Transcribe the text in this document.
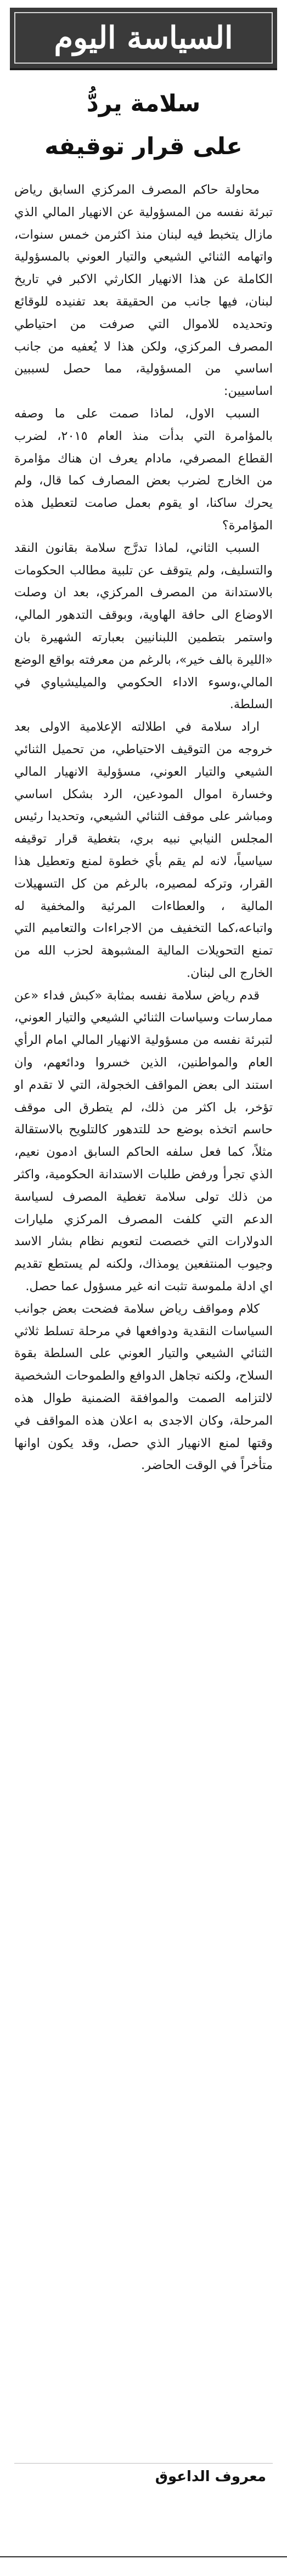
السياسة اليوم
سلامة يردُّ
على قرار توقيفه

محاولة حاكم المصرف المركزي السابق رياض تبرئة نفسه من المسؤولية عن الانهيار المالي الذي مازال يتخبط فيه لبنان منذ اكثرمن خمس سنوات، واتهامه الثنائي الشيعي والتيار العوني بالمسؤولية الكاملة عن هذا الانهيار الكارثي الاكبر في تاريخ لبنان، فيها جانب من الحقيقة بعد تفنيده للوقائع وتحديده للاموال التي صرفت من احتياطي المصرف المركزي، ولكن هذا لا يُعفيه من جانب اساسي من المسؤولية، مما حصل لسببين اساسيين:

السبب الاول، لماذا صمت على ما وصفه بالمؤامرة التي بدأت منذ العام ٢٠١٥، لضرب القطاع المصرفي، مادام يعرف ان هناك مؤامرة من الخارج لضرب بعض المصارف كما قال، ولم يحرك ساكنا، او يقوم بعمل صامت لتعطيل هذه المؤامرة؟

السبب الثاني، لماذا تدرَّج سلامة بقانون النقد والتسليف، ولم يتوقف عن تلبية مطالب الحكومات بالاستدانة من المصرف المركزي، بعد ان وصلت الاوضاع الى حافة الهاوية، وبوقف التدهور المالي، واستمر بتطمين اللبنانيين بعبارته الشهيرة بان «الليرة بالف خير»، بالرغم من معرفته بواقع الوضع المالي،وسوء الاداء الحكومي والميليشياوي في السلطة.

اراد سلامة في اطلالته الإعلامية الاولى بعد خروجه من التوقيف الاحتياطي، من تحميل الثنائي الشيعي والتيار العوني، مسؤولية الانهيار المالي وخسارة اموال المودعين، الرد بشكل اساسي ومباشر على موقف الثنائي الشيعي، وتحديدا رئيس المجلس النيابي نبيه بري، بتغطية قرار توقيفه سياسياً، لانه لم يقم بأي خطوة لمنع وتعطيل هذا القرار، وتركه لمصيره، بالرغم من كل التسهيلات المالية ، والعطاءات المرئية والمخفية له واتباعه،كما التخفيف من الاجراءات والتعاميم التي تمنع التحويلات المالية المشبوهة لحزب الله من الخارج الى لبنان.

قدم رياض سلامة نفسه بمثابة «كبش فداء «عن ممارسات وسياسات الثنائي الشيعي والتيار العوني، لتبرئة نفسه من مسؤولية الانهيار المالي امام الرأي العام والمواطنين، الذين خسروا ودائعهم، وان استند الى بعض المواقف الخجولة، التي لا تقدم او تؤخر، بل اكثر من ذلك، لم يتطرق الى موقف حاسم اتخذه بوضع حد للتدهور كالتلويح بالاستقالة مثلاً، كما فعل سلفه الحاكم السابق ادمون نعيم، الذي تجرأ ورفض طلبات الاستدانة الحكومية، واكثر من ذلك تولى سلامة تغطية المصرف لسياسة الدعم التي كلفت المصرف المركزي مليارات الدولارات التي خصصت لتعويم نظام بشار الاسد وجيوب المنتفعين يومذاك، ولكنه لم يستطع تقديم اي ادلة ملموسة تثبت انه غير مسؤول عما حصل.

كلام ومواقف رياض سلامة فضحت بعض جوانب السياسات النقدية ودوافعها في مرحلة تسلط ثلاثي الثنائي الشيعي والتيار العوني على السلطة بقوة السلاح، ولكنه تجاهل الدوافع والطموحات الشخصية لالتزامه الصمت والموافقة الضمنية طوال هذه المرحلة، وكان الاجدى به اعلان هذه المواقف في وقتها لمنع الانهيار الذي حصل، وقد يكون اوانها متأخراً في الوقت الحاضر.

معروف الداعوق
